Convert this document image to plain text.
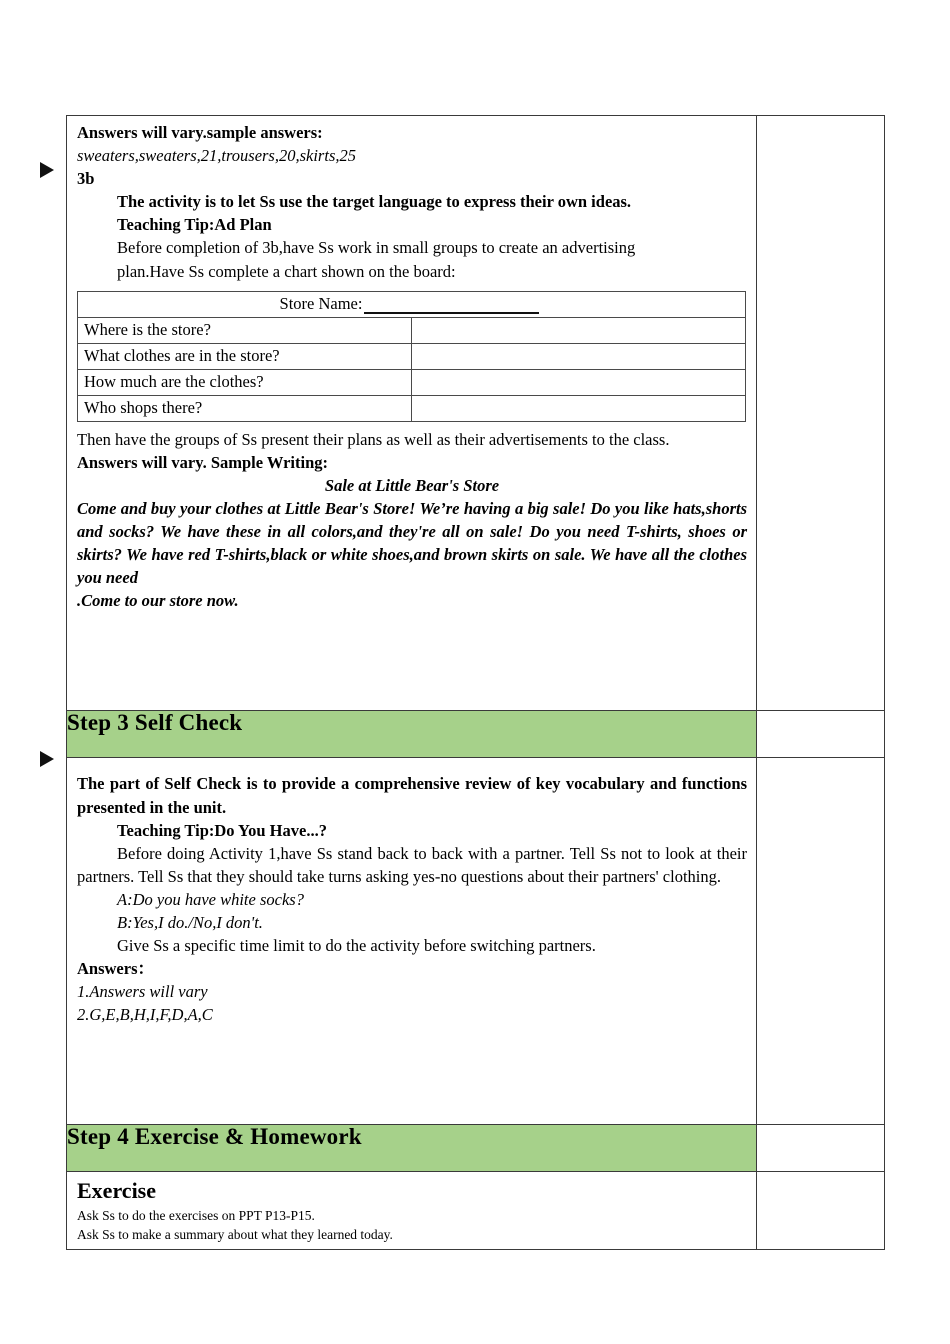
Answers will vary.sample answers:

sweaters,sweaters,21,trousers,20,skirts,25

3b

The activity is to let Ss use the target language to express their own ideas.

Teaching Tip:Ad Plan

Before completion of 3b,have Ss work in small groups to create an advertising

plan.Have Ss complete a chart shown on the board:

Store Name:
Where is the store?	
What clothes are in the store?	
How much are the clothes?	
Who shops there?	

Then have the groups of Ss present their plans as well as their advertisements to the class.

Answers will vary. Sample Writing:

Sale at Little Bear's Store

Come and buy your clothes at Little Bear's Store! We’re having a big sale! Do you like hats,shorts and socks? We have these in all colors,and they're all on sale! Do you need T-shirts, shoes or skirts? We have red T-shirts,black or white shoes,and brown skirts on sale. We have all the clothes you need

.Come to our store now.

Step 3 Self Check

The part of Self Check is to provide a comprehensive review of key vocabulary and functions presented in the unit.

Teaching Tip:Do You Have...?

Before doing Activity 1,have Ss stand back to back with a partner. Tell Ss not to look at their partners. Tell Ss that they should take turns asking yes-no questions about their partners' clothing.

A:Do you have white socks?

B:Yes,I do./No,I don't.

Give Ss a specific time limit to do the activity before switching partners.

Answers：

1.Answers will vary

2.G,E,B,H,I,F,D,A,C

Step 4 Exercise & Homework

Exercise

Ask Ss to do the exercises on PPT P13-P15.

Ask Ss to make a summary about what they learned today.
